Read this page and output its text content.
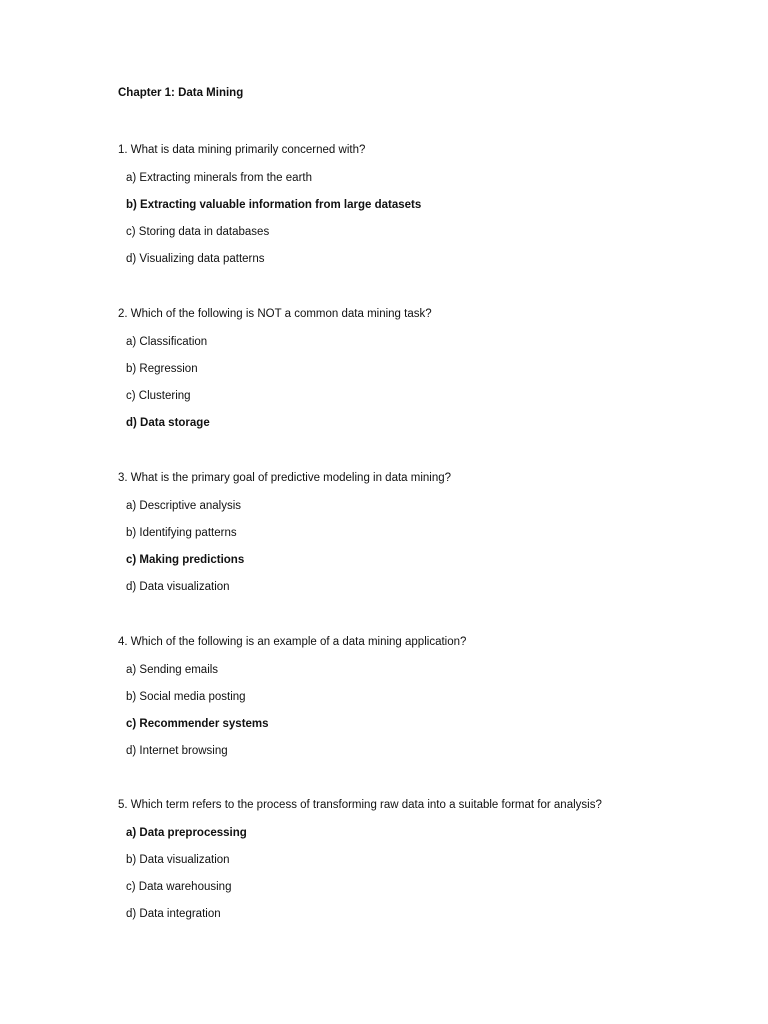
Chapter 1: Data Mining
1. What is data mining primarily concerned with?
a) Extracting minerals from the earth
b) Extracting valuable information from large datasets
c) Storing data in databases
d) Visualizing data patterns
2. Which of the following is NOT a common data mining task?
a) Classification
b) Regression
c) Clustering
d) Data storage
3. What is the primary goal of predictive modeling in data mining?
a) Descriptive analysis
b) Identifying patterns
c) Making predictions
d) Data visualization
4. Which of the following is an example of a data mining application?
a) Sending emails
b) Social media posting
c) Recommender systems
d) Internet browsing
5. Which term refers to the process of transforming raw data into a suitable format for analysis?
a) Data preprocessing
b) Data visualization
c) Data warehousing
d) Data integration
